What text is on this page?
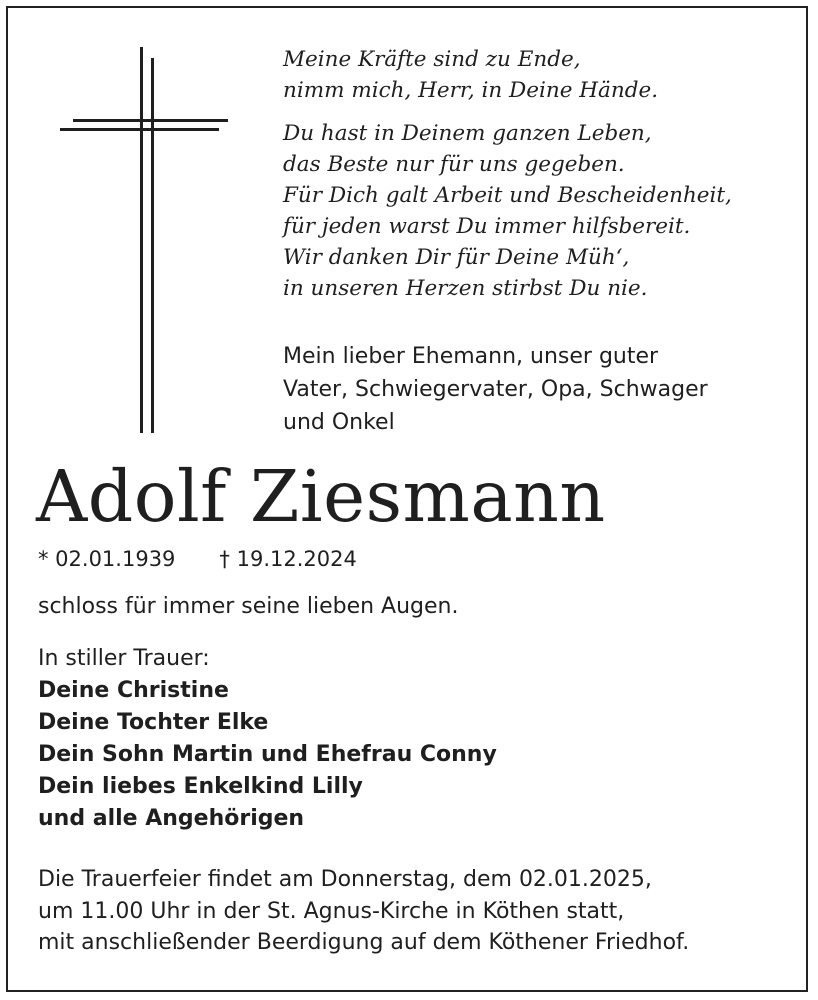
Meine Kräfte sind zu Ende,
nimm mich, Herr, in Deine Hände.
Du hast in Deinem ganzen Leben,
das Beste nur für uns gegeben.
Für Dich galt Arbeit und Bescheidenheit,
für jeden warst Du immer hilfsbereit.
Wir danken Dir für Deine Müh‘,
in unseren Herzen stirbst Du nie.
Mein lieber Ehemann, unser guter
Vater, Schwiegervater, Opa, Schwager
und Onkel
Adolf Ziesmann
* 02.01.1939 † 19.12.2024
schloss für immer seine lieben Augen.
In stiller Trauer:
Deine Christine
Deine Tochter Elke
Dein Sohn Martin und Ehefrau Conny
Dein liebes Enkelkind Lilly
und alle Angehörigen
Die Trauerfeier findet am Donnerstag, dem 02.01.2025,
um 11.00 Uhr in der St. Agnus-Kirche in Köthen statt,
mit anschließender Beerdigung auf dem Köthener Friedhof.
